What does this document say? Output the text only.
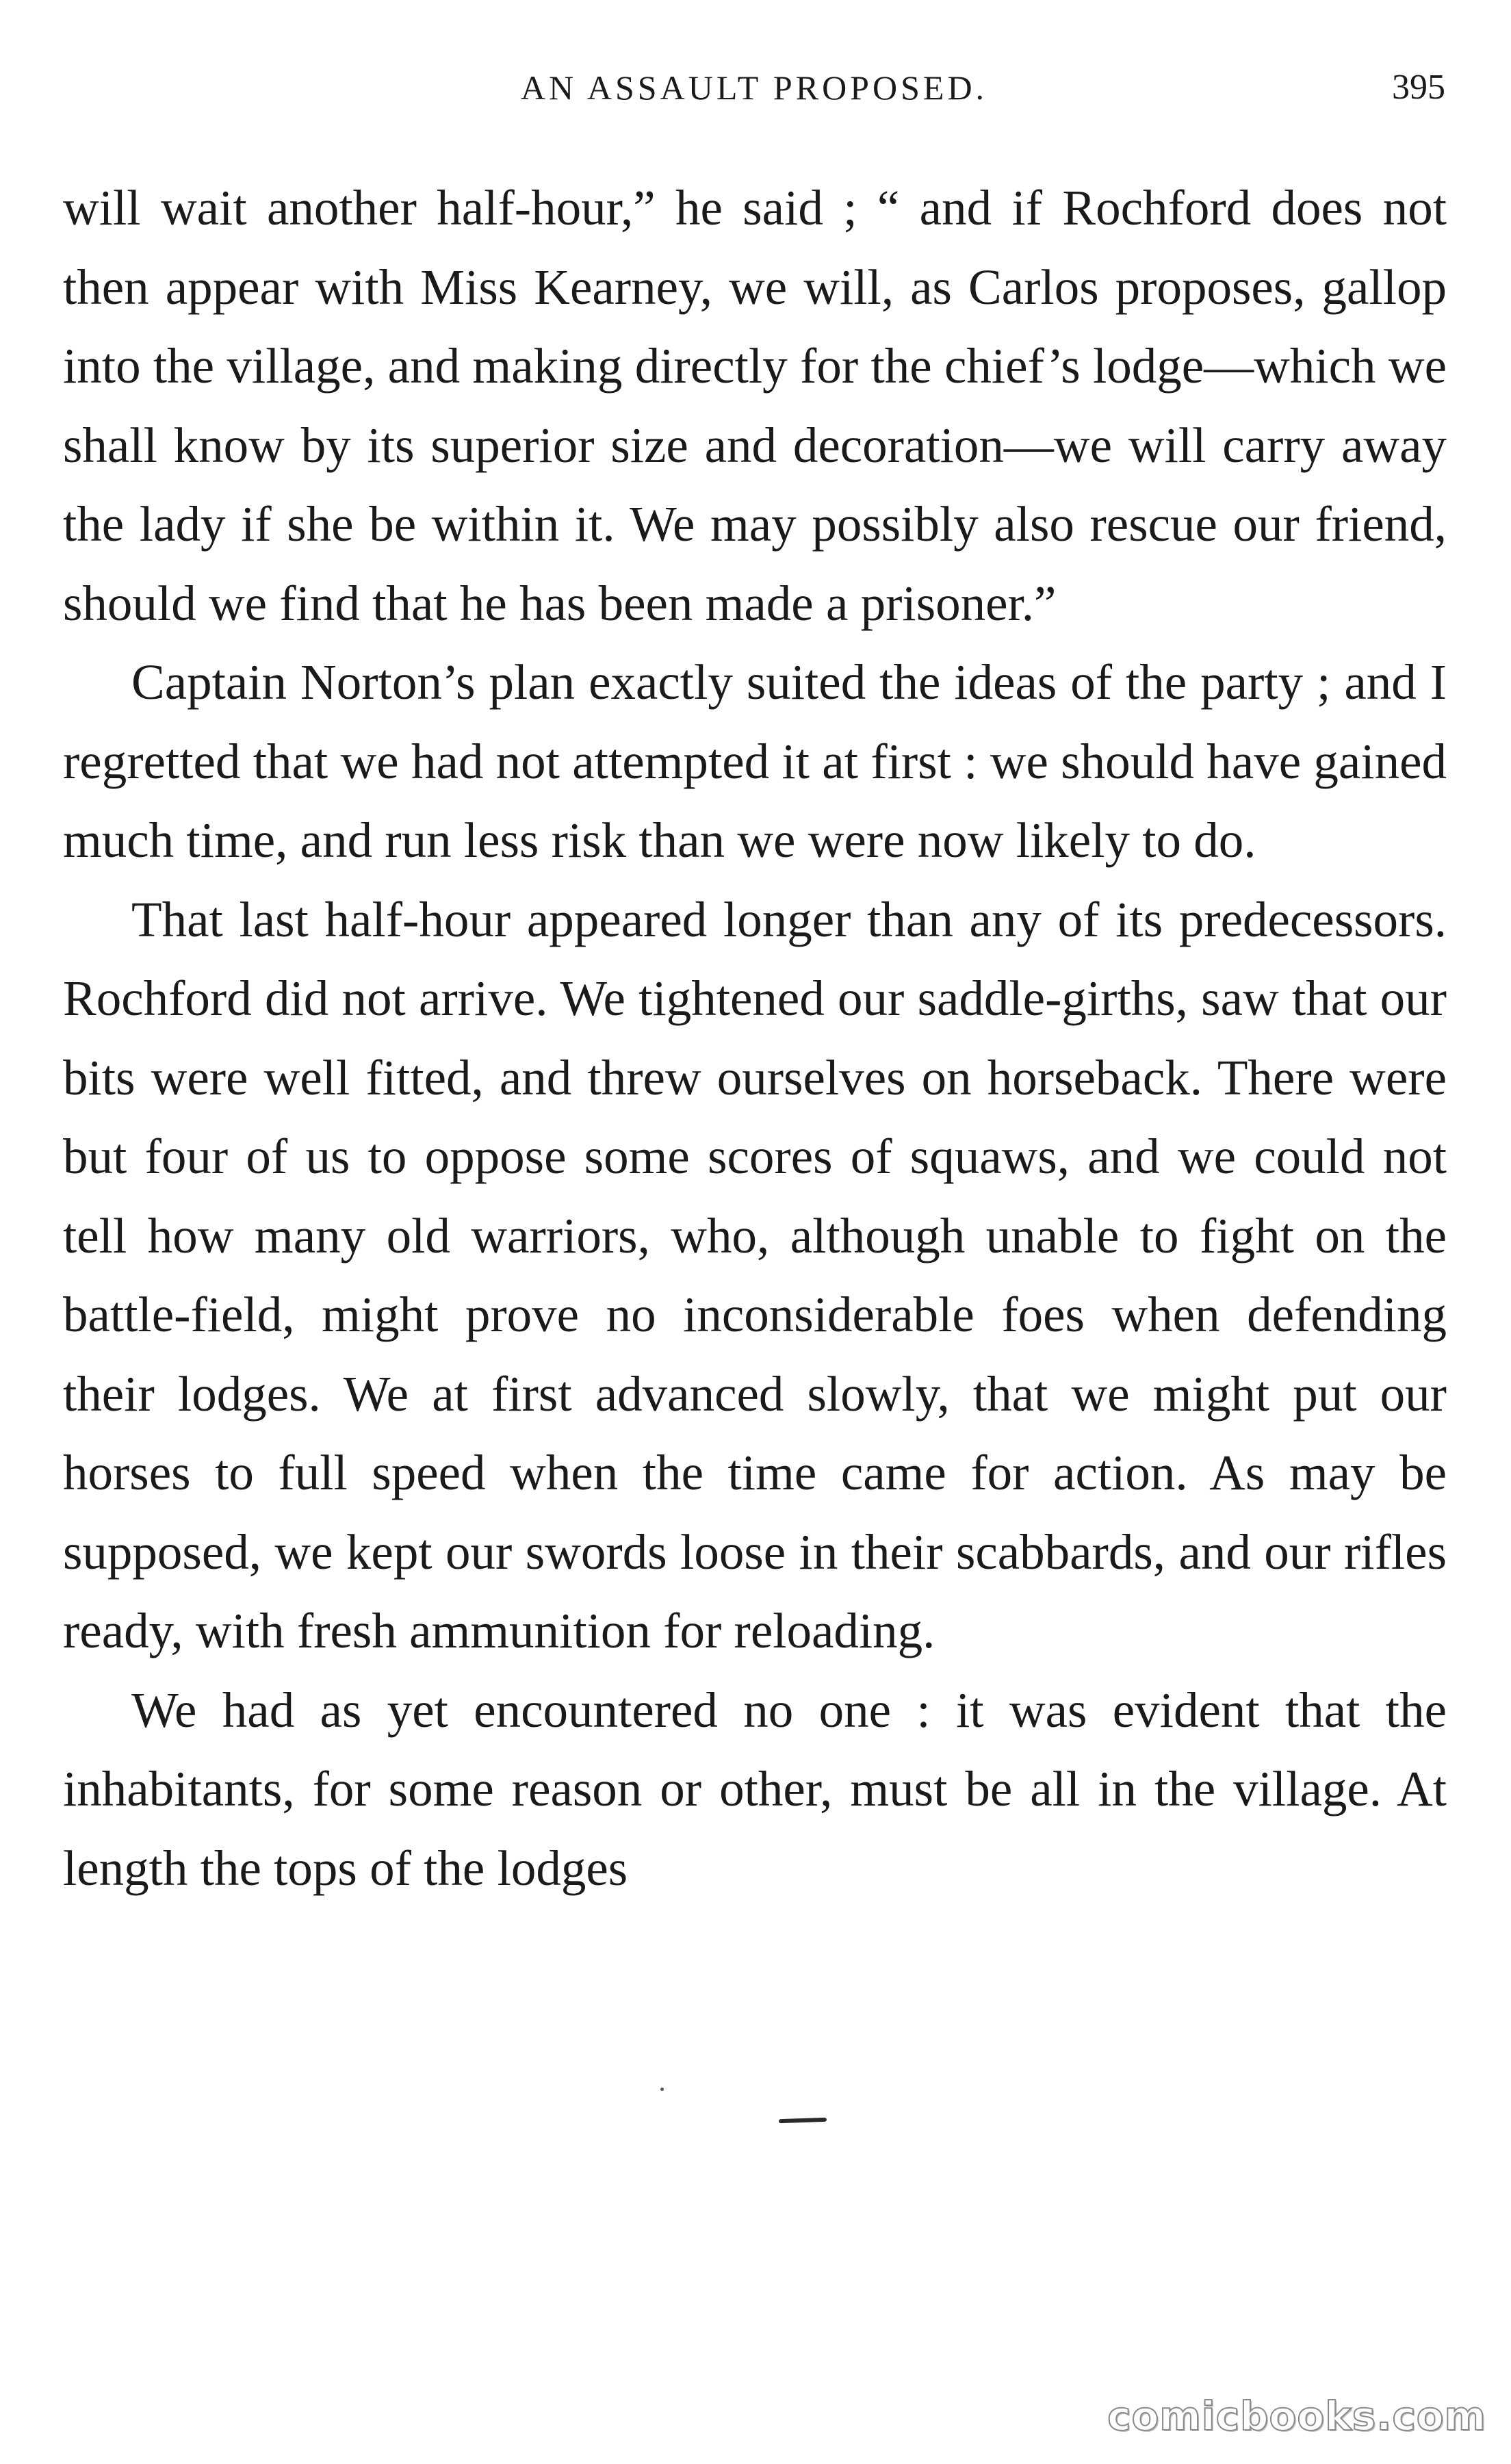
AN ASSAULT PROPOSED.	395

will wait another half-hour,” he said ; “ and if Rochford does not then appear with Miss Kearney, we will, as Carlos proposes, gallop into the village, and making directly for the chief’s lodge—which we shall know by its superior size and decoration—we will carry away the lady if she be within it. We may possibly also rescue our friend, should we find that he has been made a prisoner.”

Captain Norton’s plan exactly suited the ideas of the party ; and I regretted that we had not attempted it at first : we should have gained much time, and run less risk than we were now likely to do.

That last half-hour appeared longer than any of its predecessors. Rochford did not arrive. We tightened our saddle-girths, saw that our bits were well fitted, and threw ourselves on horseback. There were but four of us to oppose some scores of squaws, and we could not tell how many old warriors, who, although unable to fight on the battle-field, might prove no inconsiderable foes when defending their lodges. We at first advanced slowly, that we might put our horses to full speed when the time came for action. As may be supposed, we kept our swords loose in their scabbards, and our rifles ready, with fresh ammunition for reloading.

We had as yet encountered no one : it was evident that the inhabitants, for some reason or other, must be all in the village. At length the tops of the lodges

comicbooks.com
